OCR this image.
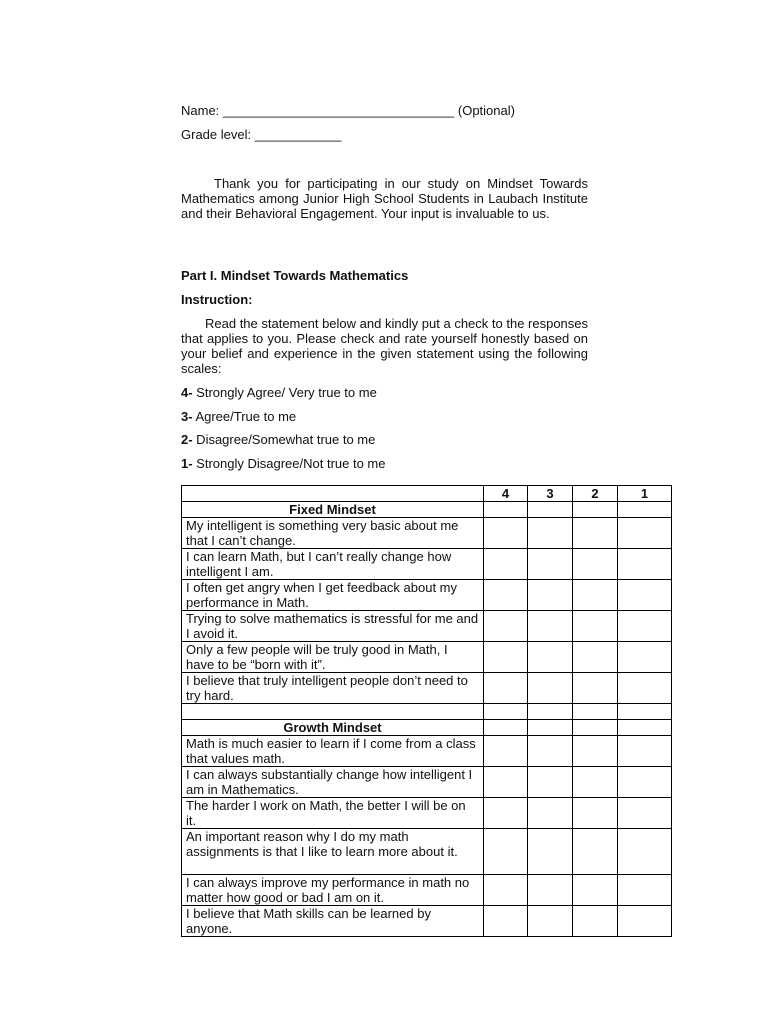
Name: ________________________________ (Optional)
Grade level: ____________
Thank you for participating in our study on Mindset Towards Mathematics among Junior High School Students in Laubach Institute and their Behavioral Engagement. Your input is invaluable to us.
Part I. Mindset Towards Mathematics
Instruction:
Read the statement below and kindly put a check to the responses that applies to you. Please check and rate yourself honestly based on your belief and experience in the given statement using the following scales:
4- Strongly Agree/ Very true to me
3- Agree/True to me
2- Disagree/Somewhat true to me
1- Strongly Disagree/Not true to me
	4	3	2	1
Fixed Mindset				
My intelligent is something very basic about me that I can’t change.				
I can learn Math, but I can’t really change how intelligent I am.				
I often get angry when I get feedback about my performance in Math.				
Trying to solve mathematics is stressful for me and I avoid it.				
Only a few people will be truly good in Math, I have to be “born with it”.				
I believe that truly intelligent people don’t need to try hard.				

Growth Mindset				
Math is much easier to learn if I come from a class that values math.				
I can always substantially change how intelligent I am in Mathematics.				
The harder I work on Math, the better I will be on it.				
An important reason why I do my math assignments is that I like to learn more about it.				
I can always improve my performance in math no matter how good or bad I am on it.				
I believe that Math skills can be learned by anyone.				
